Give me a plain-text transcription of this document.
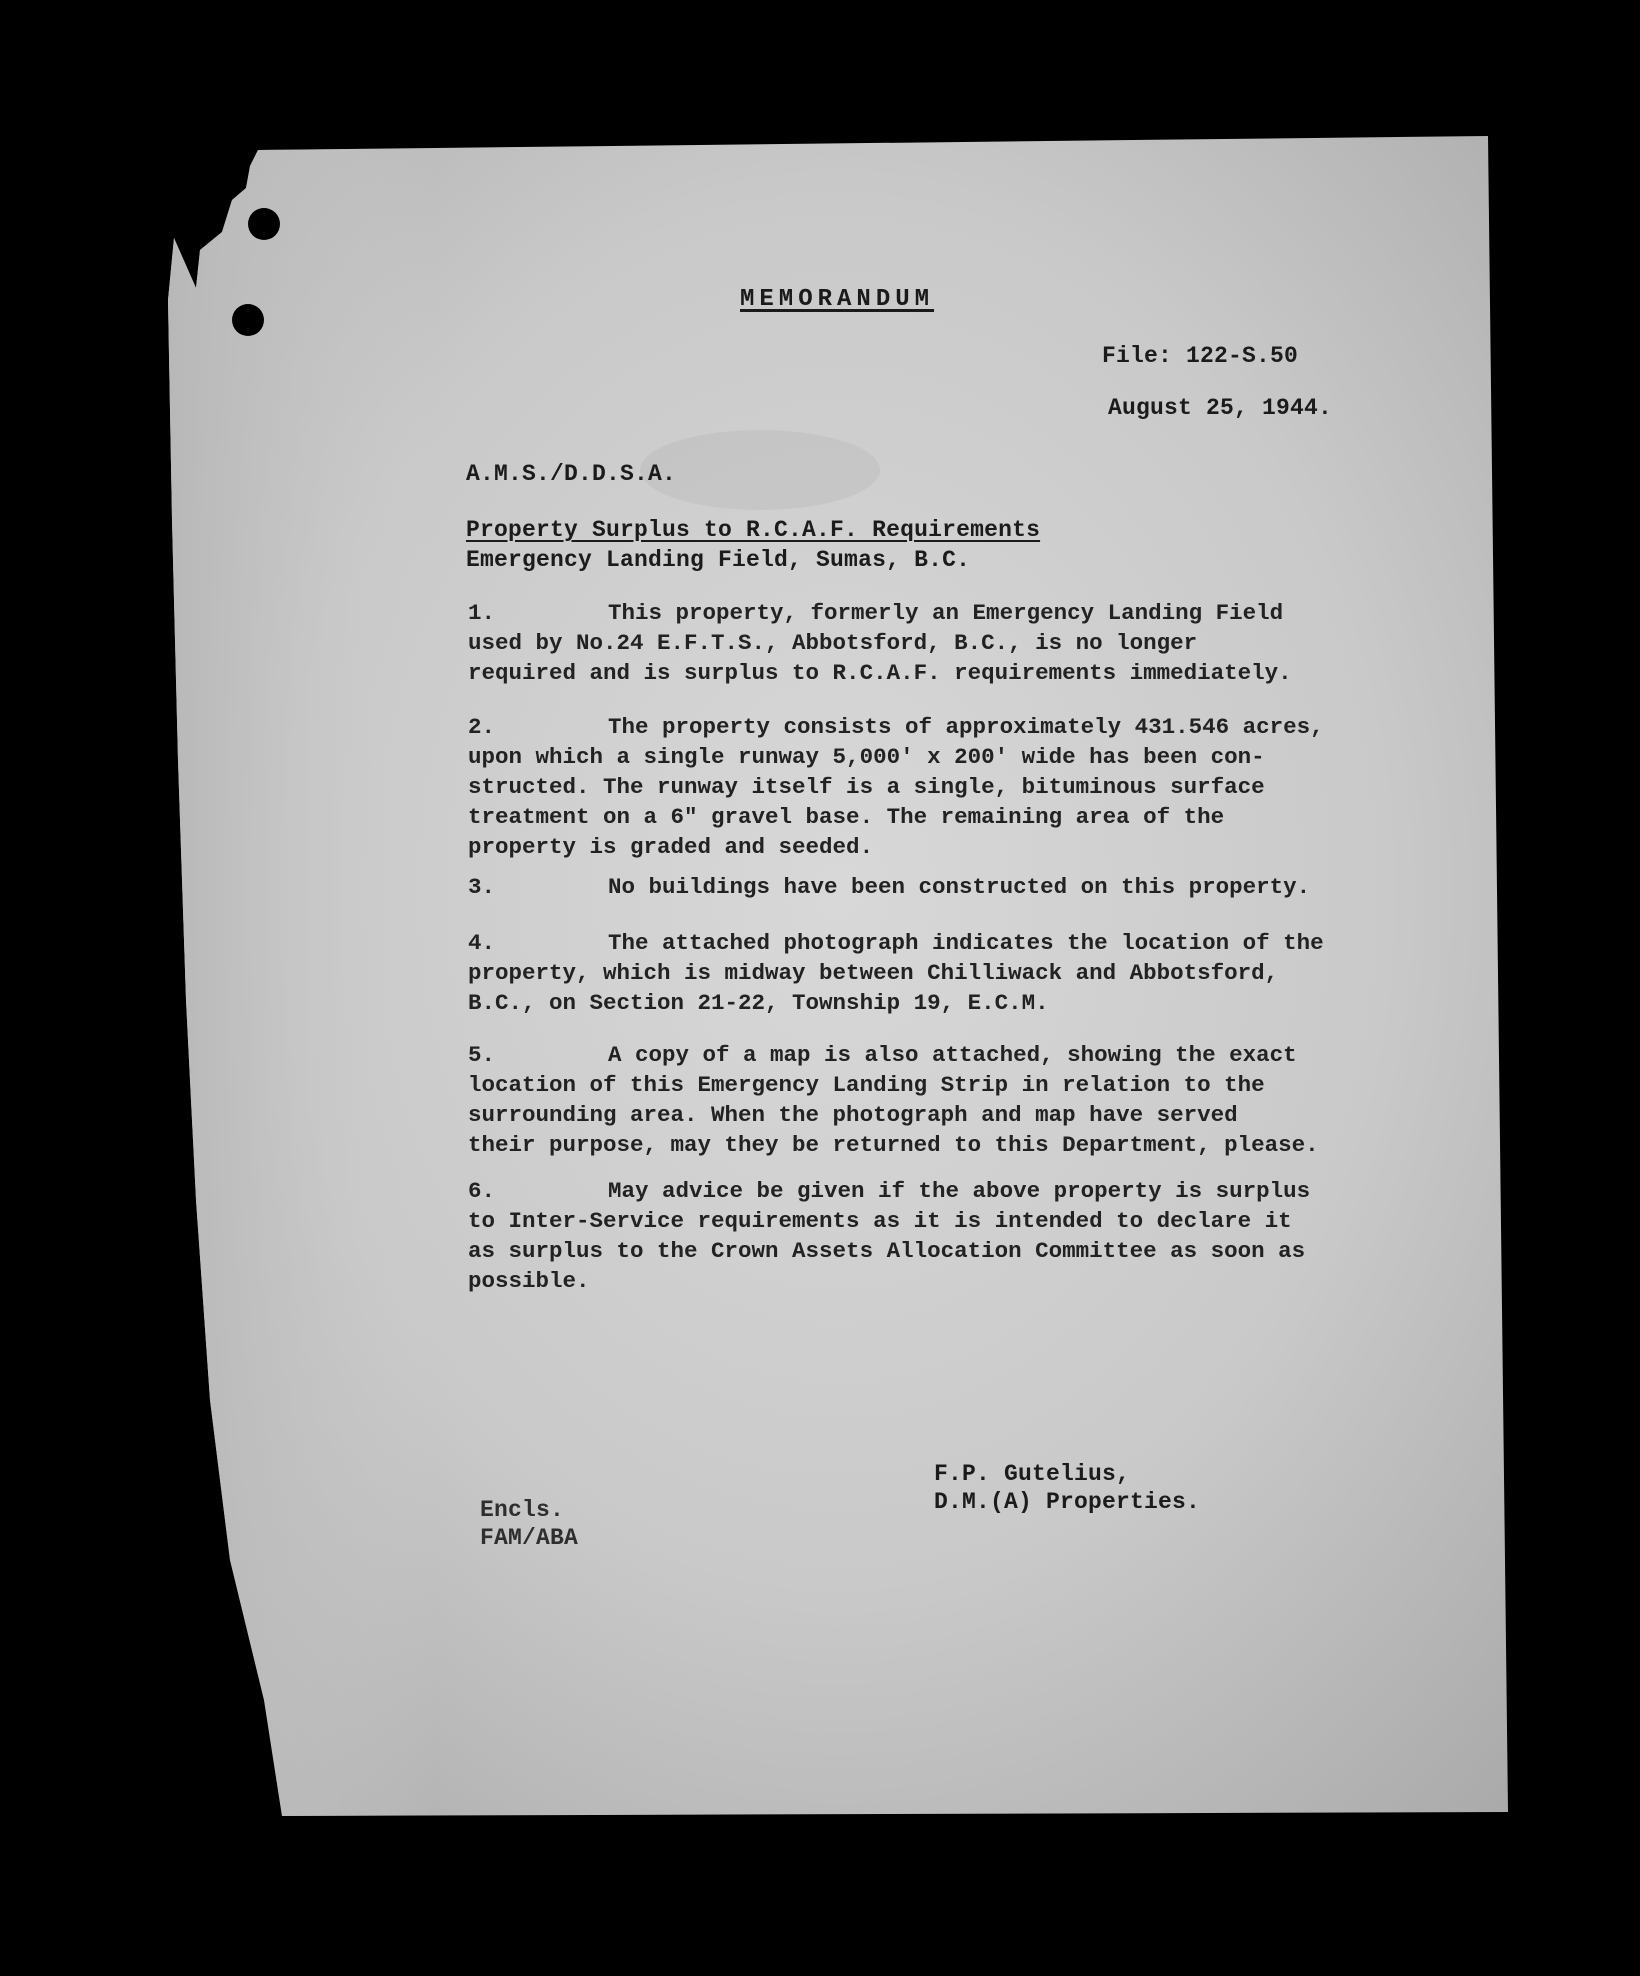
MEMORANDUM
File: 122-S.50
August 25, 1944.
A.M.S./D.D.S.A.
Property Surplus to R.C.A.F. Requirements
Emergency Landing Field, Sumas, B.C.
1.	This property, formerly an Emergency Landing Field
used by No.24 E.F.T.S., Abbotsford, B.C., is no longer
required and is surplus to R.C.A.F. requirements immediately.
2.	The property consists of approximately 431.546 acres,
upon which a single runway 5,000' x 200' wide has been con-
structed. The runway itself is a single, bituminous surface
treatment on a 6" gravel base. The remaining area of the
property is graded and seeded.
3.	No buildings have been constructed on this property.
4.	The attached photograph indicates the location of the
property, which is midway between Chilliwack and Abbotsford,
B.C., on Section 21-22, Township 19, E.C.M.
5.	A copy of a map is also attached, showing the exact
location of this Emergency Landing Strip in relation to the
surrounding area. When the photograph and map have served
their purpose, may they be returned to this Department, please.
6.	May advice be given if the above property is surplus
to Inter-Service requirements as it is intended to declare it
as surplus to the Crown Assets Allocation Committee as soon as
possible.
F.P. Gutelius,
D.M.(A) Properties.
Encls.
FAM/ABA
